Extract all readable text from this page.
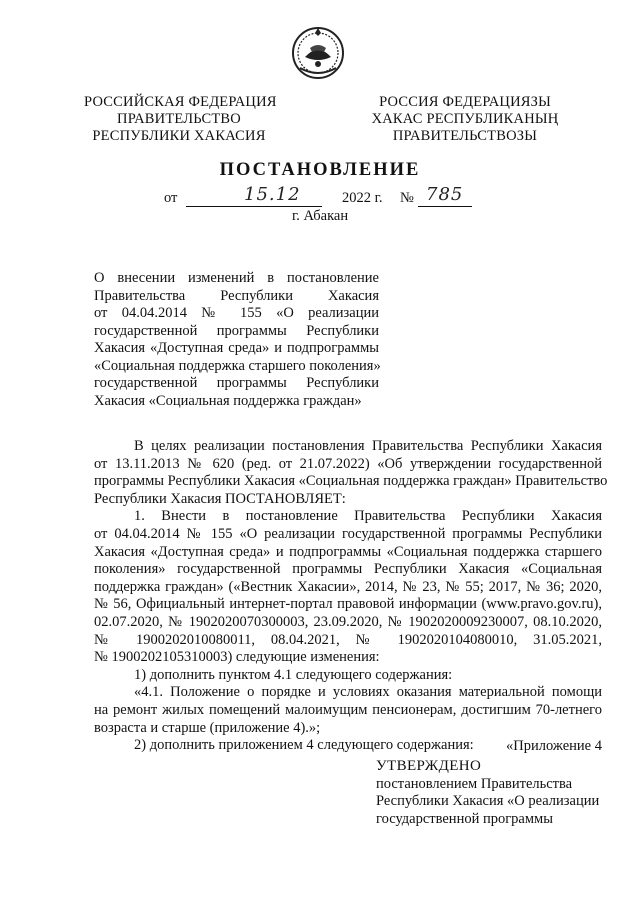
РОССИЙСКАЯ ФЕДЕРАЦИЯ
ПРАВИТЕЛЬСТВО
РЕСПУБЛИКИ ХАКАСИЯ
РОССИЯ ФЕДЕРАЦИЯЗЫ
ХАКАС РЕСПУБЛИКАНЫҢ
ПРАВИТЕЛЬСТВОЗЫ
ПОСТАНОВЛЕНИЕ
от	15.12	2022 г. № 785
г. Абакан
О внесении изменений в постановление
Правительства Республики Хакасия
от 04.04.2014 № 155 «О реализации
государственной программы Республики
Хакасия «Доступная среда» и подпрограммы
«Социальная поддержка старшего поколения»
государственной программы Республики
Хакасия «Социальная поддержка граждан»
В целях реализации постановления Правительства Республики Хакасия
от 13.11.2013 № 620 (ред. от 21.07.2022) «Об утверждении государственной
программы Республики Хакасия «Социальная поддержка граждан» Правительство
Республики Хакасия ПОСТАНОВЛЯЕТ:
1. Внести в постановление Правительства Республики Хакасия
от 04.04.2014 № 155 «О реализации государственной программы Республики
Хакасия «Доступная среда» и подпрограммы «Социальная поддержка старшего
поколения» государственной программы Республики Хакасия «Социальная
поддержка граждан» («Вестник Хакасии», 2014, № 23, № 55; 2017, № 36; 2020,
№ 56, Официальный интернет-портал правовой информации (www.pravo.gov.ru),
02.07.2020, № 1902020070300003, 23.09.2020, № 1902020009230007, 08.10.2020,
№ 1900202010080011, 08.04.2021, № 1902020104080010, 31.05.2021,
№ 1900202105310003) следующие изменения:
1) дополнить пунктом 4.1 следующего содержания:
«4.1. Положение о порядке и условиях оказания материальной помощи
на ремонт жилых помещений малоимущим пенсионерам, достигшим 70-летнего
возраста и старше (приложение 4).»;
2) дополнить приложением 4 следующего содержания:	«Приложение 4
УТВЕРЖДЕНО
постановлением Правительства
Республики Хакасия «О реализации
государственной программы
